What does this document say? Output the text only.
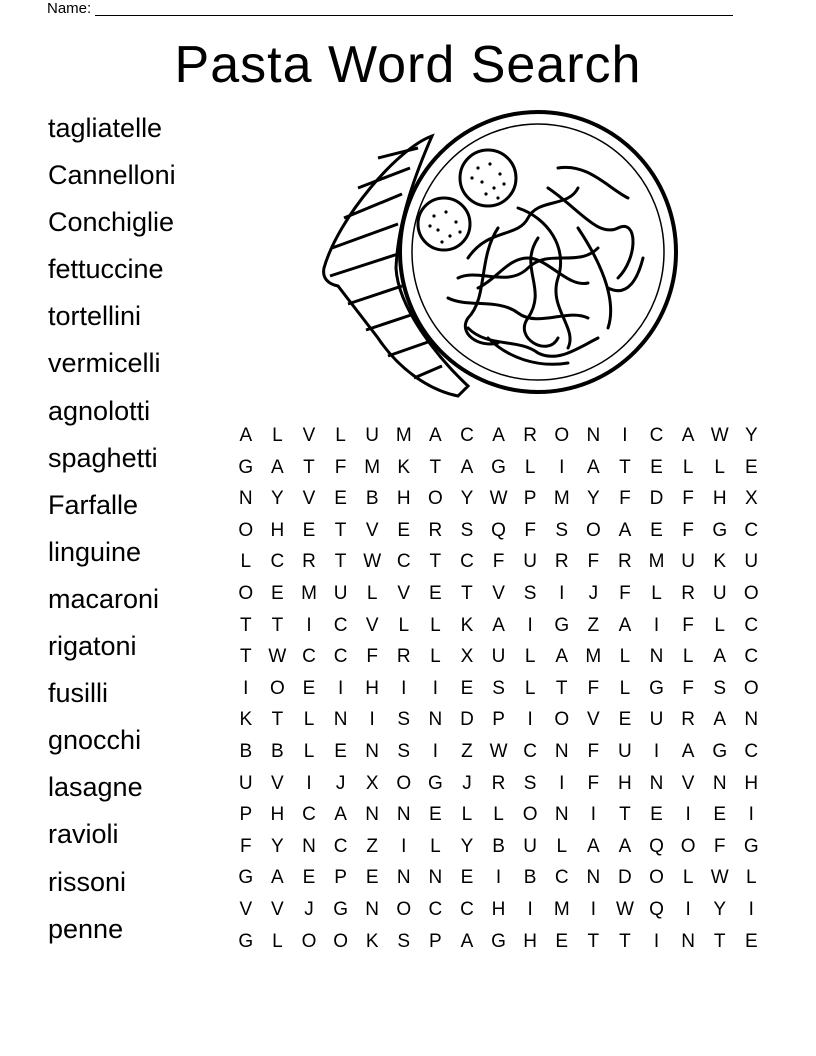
Name:
Pasta Word Search
tagliatelle
Cannelloni
Conchiglie
fettuccine
tortellini
vermicelli
agnolotti
spaghetti
Farfalle
linguine
macaroni
rigatoni
fusilli
gnocchi
lasagne
ravioli
rissoni
penne
A	L	V	L	U M A C A R O N	I	C A W Y
G A	T	F M K	T	A G L	I	A	T	E	L	L	E
N Y V E B H O Y W P M Y	F D F H X
O H E	T	V E R S Q F	S O A E	F G C
L	C R T W C T C F U R F R M U K U
O E M U	L	V E	T	V S	I	J	F	L	R U O
T	T	I	C V	L	L	K A	I	G Z	A	I	F	L	C
T W C C F R	L	X U	L	A M L	N	L	A C
I	O E	I	H	I	I	E S	L	T	F	L G F	S O
K	T	L	N	I	S N D P	I	O V E U R A N
B B	L	E N S	I	Z W C N F U	I	A G C
U V	I	J	X O G	J	R S	I	F H N V N H
P H C A N N E	L	L O N	I	T	E	I	E	I
F	Y N C Z	I	L	Y B U	L	A A Q O F G
G A E P E N N E	I	B C N D O L W L
V V	J	G N O C C H	I	M	I	W Q	I	Y	I
G L O O K S P A G H E	T	T	I	N T	E
